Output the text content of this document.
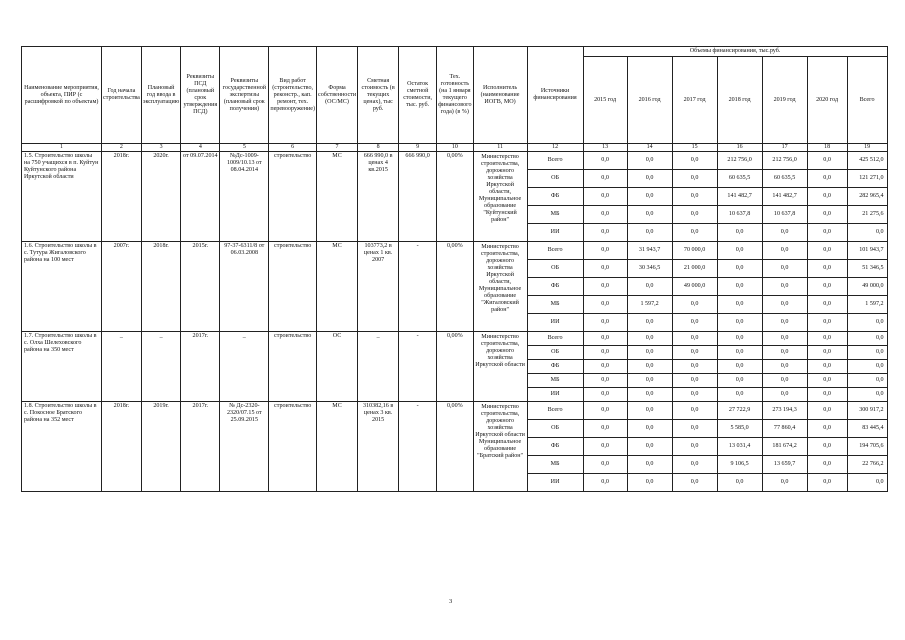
Наименование мероприятия, объекта, ПИР (с расшифровкой по объектам)	Год начала строительства	Плановый год ввода в эксплуатацию	Реквизиты ПСД (плановый срок утверждения ПСД)	Реквизиты государственной экспертизы (плановый срок получения)	Вид работ (строительство, реконстр., кап. ремонт, тех. перевооружение)	Форма собственности (ОС/МС)	Сметная стоимость (в текущих ценах), тыс руб.	Остаток сметной стоимости, тыс. руб.	Тех. готовность (на 1 января текущего финансового года) (в %)	Исполнитель (наименование ИОГВ, МО)	Источники финансирования	Объемы финансирования, тыс.руб.						
												2015 год	2016 год	2017 год	2018 год	2019 год	2020 год	Всего
1	2	3	4	5	6	7	8	9	10	11	12	13	14	15	16	17	18	19
1.5. Строительство школы на 750 учащихся в п. Куйтун Куйтунского района Иркутской области	2018г.	2020г.	от 09.07.2014	№Дс-1009-1009/10.13 от 08.04.2014	строительство	МС	666 990,0 в ценах 4 кв.2015	666 990,0	0,00%	Министерство строительства, дорожного хозяйства Иркутской области, Муниципальное образование "Куйтунский район"	Всего	0,0	0,0	0,0	212 756,0	212 756,0	0,0	425 512,0
											ОБ	0,0	0,0	0,0	60 635,5	60 635,5	0,0	121 271,0
											ФБ	0,0	0,0	0,0	141 482,7	141 482,7	0,0	282 965,4
											МБ	0,0	0,0	0,0	10 637,8	10 637,8	0,0	21 275,6
											ИИ	0,0	0,0	0,0	0,0	0,0	0,0	0,0
1.6. Строительство школы в с. Тутура Жигаловского района на 100 мест	2007г.	2018г.	2015г.	97-37-6311/8 от 06.03.2008	строительство	МС	103773,2 в ценах 1 кв. 2007	-	0,00%	Министерство строительства, дорожного хозяйства Иркутской области, Муниципальное образование "Жигаловский район"	Всего	0,0	31 943,7	70 000,0	0,0	0,0	0,0	101 943,7
											ОБ	0,0	30 346,5	21 000,0	0,0	0,0	0,0	51 346,5
											ФБ	0,0	0,0	49 000,0	0,0	0,0	0,0	49 000,0
											МБ	0,0	1 597,2	0,0	0,0	0,0	0,0	1 597,2
											ИИ	0,0	0,0	0,0	0,0	0,0	0,0	0,0
1.7. Строительство школы в с. Олха Шелеховского района на 350 мест	_	_	2017г.	_	строительство	ОС	_	-	0,00%	Министерство строительства, дорожного хозяйства Иркутской области	Всего	0,0	0,0	0,0	0,0	0,0	0,0	0,0
											ОБ	0,0	0,0	0,0	0,0	0,0	0,0	0,0
											ФБ	0,0	0,0	0,0	0,0	0,0	0,0	0,0
											МБ	0,0	0,0	0,0	0,0	0,0	0,0	0,0
											ИИ	0,0	0,0	0,0	0,0	0,0	0,0	0,0
1.8. Строительство школы в с. Покосное Братского района на 352 мест	2018г.	2019г.	2017г.	№ Дс-2320-2320/07.15 от 25.09.2015	строительство	МС	310382,16 в ценах 3 кв. 2015	-	0,00%	Министерство строительства, дорожного хозяйства Иркутской области Муниципальное образование "Братский район"	Всего	0,0	0,0	0,0	27 722,9	273 194,3	0,0	300 917,2
											ОБ	0,0	0,0	0,0	5 585,0	77 860,4	0,0	83 445,4
											ФБ	0,0	0,0	0,0	13 031,4	181 674,2	0,0	194 705,6
											МБ	0,0	0,0	0,0	9 106,5	13 659,7	0,0	22 766,2
											ИИ	0,0	0,0	0,0	0,0	0,0	0,0	0,0
3
